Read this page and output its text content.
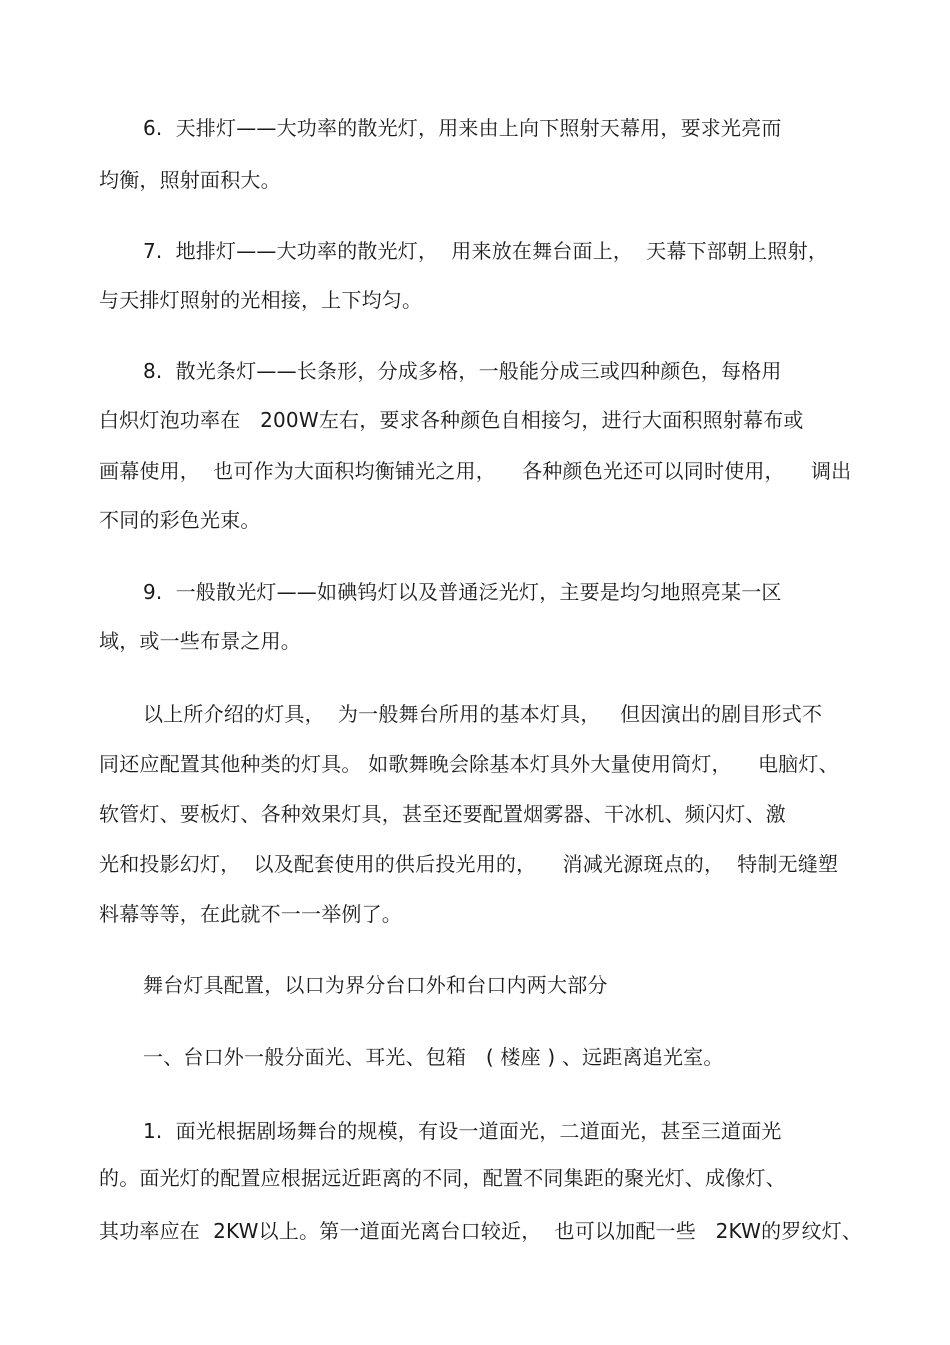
6.  天排灯——大功率的散光灯，用来由上向下照射天幕用，要求光亮而
均衡，照射面积大。
7.  地排灯——大功率的散光灯，  用来放在舞台面上，  天幕下部朝上照射，
与天排灯照射的光相接，上下均匀。
8.  散光条灯——长条形，分成多格，一般能分成三或四种颜色，每格用
白炽灯泡功率在   200W左右，要求各种颜色自相接匀，进行大面积照射幕布或
画幕使用，  也可作为大面积均衡铺光之用，    各种颜色光还可以同时使用，    调出
不同的彩色光束。
9.  一般散光灯——如碘钨灯以及普通泛光灯，主要是均匀地照亮某一区
域，或一些布景之用。
以上所介绍的灯具，  为一般舞台所用的基本灯具，   但因演出的剧目形式不
同还应配置其他种类的灯具。 如歌舞晚会除基本灯具外大量使用筒灯，    电脑灯、
软管灯、要板灯、各种效果灯具，甚至还要配置烟雾器、干冰机、频闪灯、激
光和投影幻灯，  以及配套使用的供后投光用的，    消减光源斑点的，  特制无缝塑
料幕等等，在此就不一一举例了。
舞台灯具配置，以口为界分台口外和台口内两大部分
一、台口外一般分面光、耳光、包箱   ( 楼座 ) 、远距离追光室。
1.  面光根据剧场舞台的规模，有设一道面光，二道面光，甚至三道面光
的。面光灯的配置应根据远近距离的不同，配置不同集距的聚光灯、成像灯、
其功率应在  2KW以上。第一道面光离台口较近，  也可以加配一些   2KW的罗纹灯、
